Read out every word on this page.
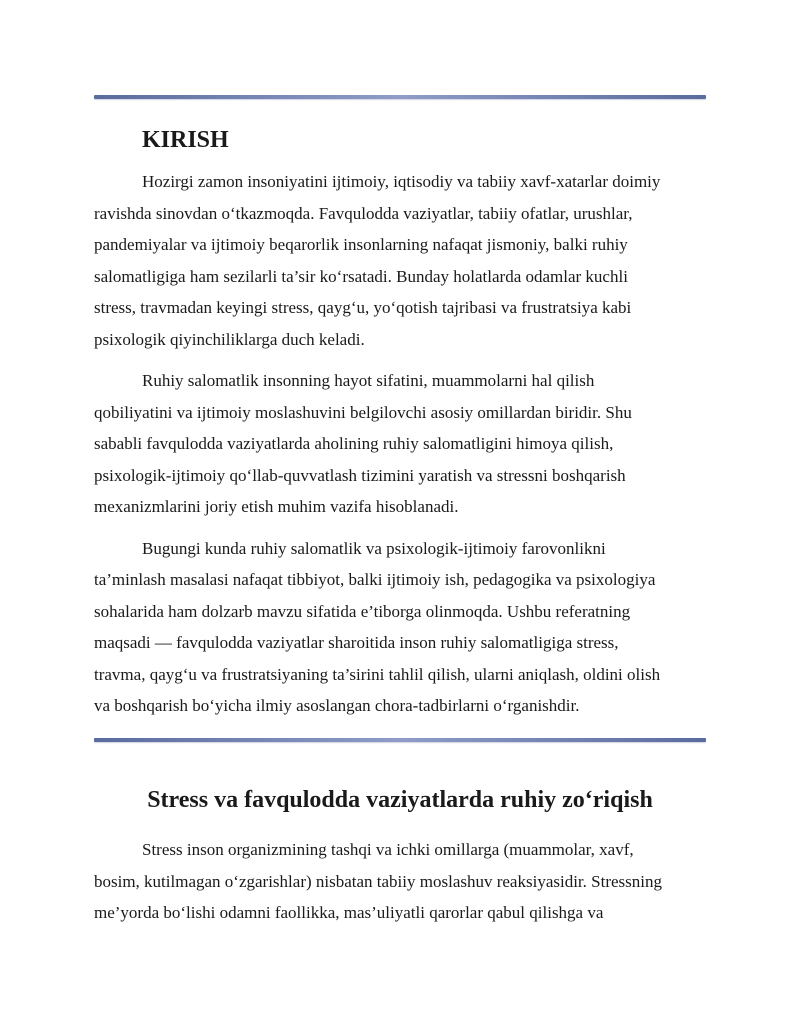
KIRISH

Hozirgi zamon insoniyatini ijtimoiy, iqtisodiy va tabiiy xavf-xatarlar doimiy
ravishda sinovdan o‘tkazmoqda. Favqulodda vaziyatlar, tabiiy ofatlar, urushlar,
pandemiyalar va ijtimoiy beqarorlik insonlarning nafaqat jismoniy, balki ruhiy
salomatligiga ham sezilarli ta’sir ko‘rsatadi. Bunday holatlarda odamlar kuchli
stress, travmadan keyingi stress, qayg‘u, yo‘qotish tajribasi va frustratsiya kabi
psixologik qiyinchiliklarga duch keladi.

Ruhiy salomatlik insonning hayot sifatini, muammolarni hal qilish
qobiliyatini va ijtimoiy moslashuvini belgilovchi asosiy omillardan biridir. Shu
sababli favqulodda vaziyatlarda aholining ruhiy salomatligini himoya qilish,
psixologik-ijtimoiy qo‘llab-quvvatlash tizimini yaratish va stressni boshqarish
mexanizmlarini joriy etish muhim vazifa hisoblanadi.

Bugungi kunda ruhiy salomatlik va psixologik-ijtimoiy farovonlikni
ta’minlash masalasi nafaqat tibbiyot, balki ijtimoiy ish, pedagogika va psixologiya
sohalarida ham dolzarb mavzu sifatida e’tiborga olinmoqda. Ushbu referatning
maqsadi — favqulodda vaziyatlar sharoitida inson ruhiy salomatligiga stress,
travma, qayg‘u va frustratsiyaning ta’sirini tahlil qilish, ularni aniqlash, oldini olish
va boshqarish bo‘yicha ilmiy asoslangan chora-tadbirlarni o‘rganishdir.

Stress va favqulodda vaziyatlarda ruhiy zo‘riqish

Stress inson organizmining tashqi va ichki omillarga (muammolar, xavf,
bosim, kutilmagan o‘zgarishlar) nisbatan tabiiy moslashuv reaksiyasidir. Stressning
me’yorda bo‘lishi odamni faollikka, mas’uliyatli qarorlar qabul qilishga va
